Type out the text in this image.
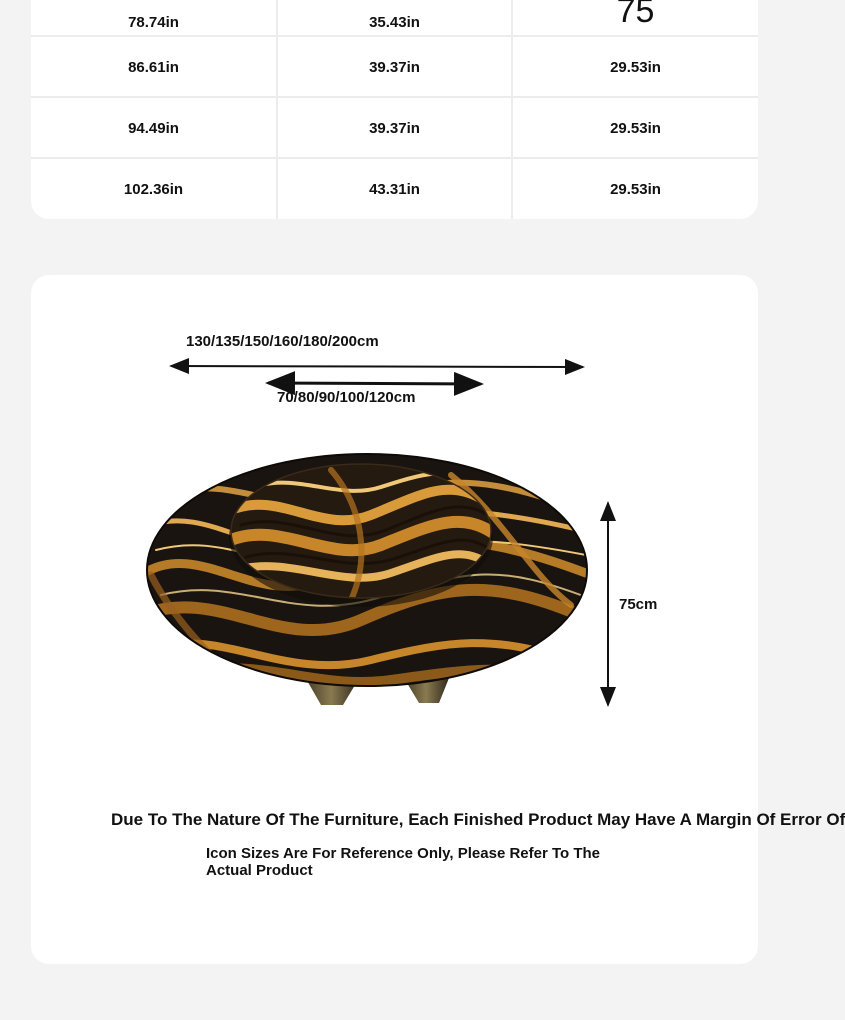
78.74in	35.43in	75
86.61in	39.37in	29.53in
94.49in	39.37in	29.53in
102.36in	43.31in	29.53in
130/135/150/160/180/200cm
70/80/90/100/120cm
75cm
Due To The Nature Of The Furniture, Each Finished Product May Have A Margin Of Error Of
Icon Sizes Are For Reference Only, Please Refer To The Actual Product
